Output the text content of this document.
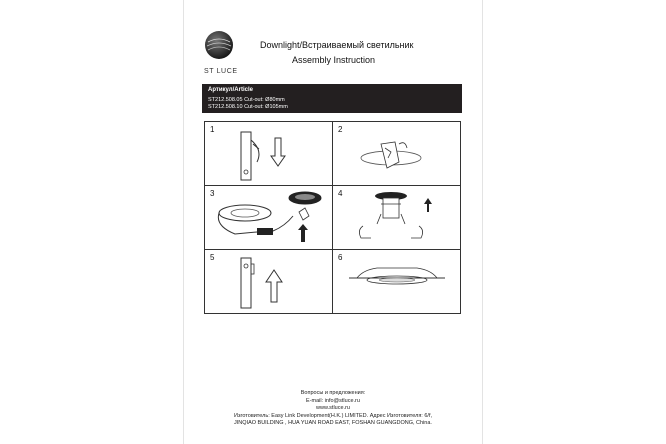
ST LUCE
Downlight/Встраиваемый светильник
Assembly Instruction
Артикул/Article
ST212.508.05 Cut-out: Ø80mm
ST212.508.10 Cut-out: Ø105mm
1	2
3	4
5	6
Вопросы и предложения:
E-mail: info@stluce.ru
www.stluce.ru
Изготовитель: Easy Link Development(H.K.) LIMITED. Адрес Изготовителя: 6/f,
JINQIAO BUILDING , HUA YUAN ROAD EAST, FOSHAN GUANGDONG, China.
